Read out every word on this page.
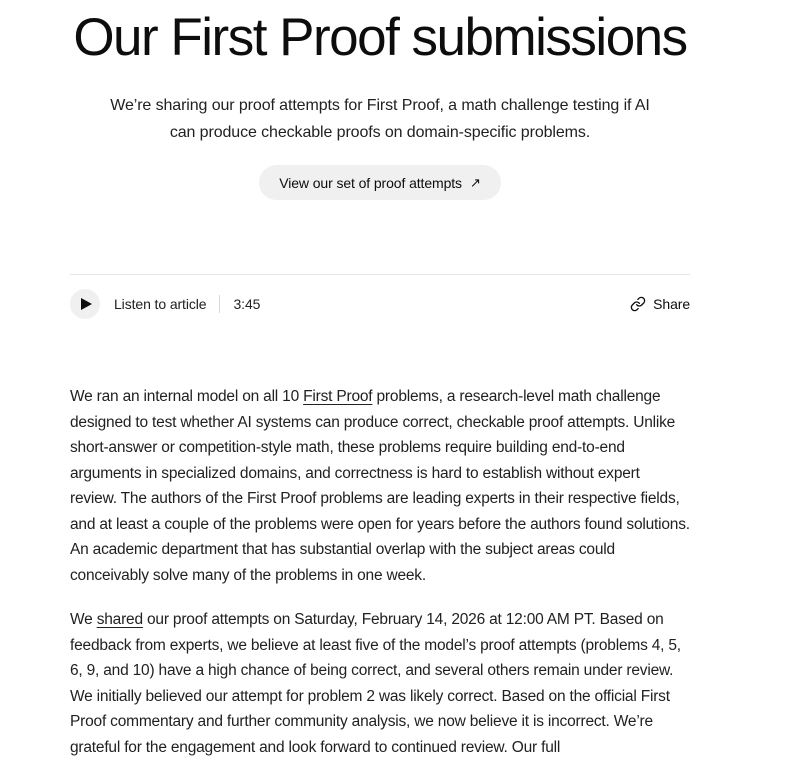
Our First Proof submissions

We’re sharing our proof attempts for First Proof, a math challenge testing if AI can produce checkable proofs on domain-specific problems.

View our set of proof attempts ↗
Listen to article 3:45	Share

We ran an internal model on all 10 First Proof problems, a research-level math challenge designed to test whether AI systems can produce correct, checkable proof attempts. Unlike short-answer or competition-style math, these problems require building end-to-end arguments in specialized domains, and correctness is hard to establish without expert review. The authors of the First Proof problems are leading experts in their respective fields, and at least a couple of the problems were open for years before the authors found solutions. An academic department that has substantial overlap with the subject areas could conceivably solve many of the problems in one week.

We shared our proof attempts on Saturday, February 14, 2026 at 12:00 AM PT. Based on feedback from experts, we believe at least five of the model’s proof attempts (problems 4, 5, 6, 9, and 10) have a high chance of being correct, and several others remain under review. We initially believed our attempt for problem 2 was likely correct. Based on the official First Proof commentary and further community analysis, we now believe it is incorrect. We’re grateful for the engagement and look forward to continued review. Our full
